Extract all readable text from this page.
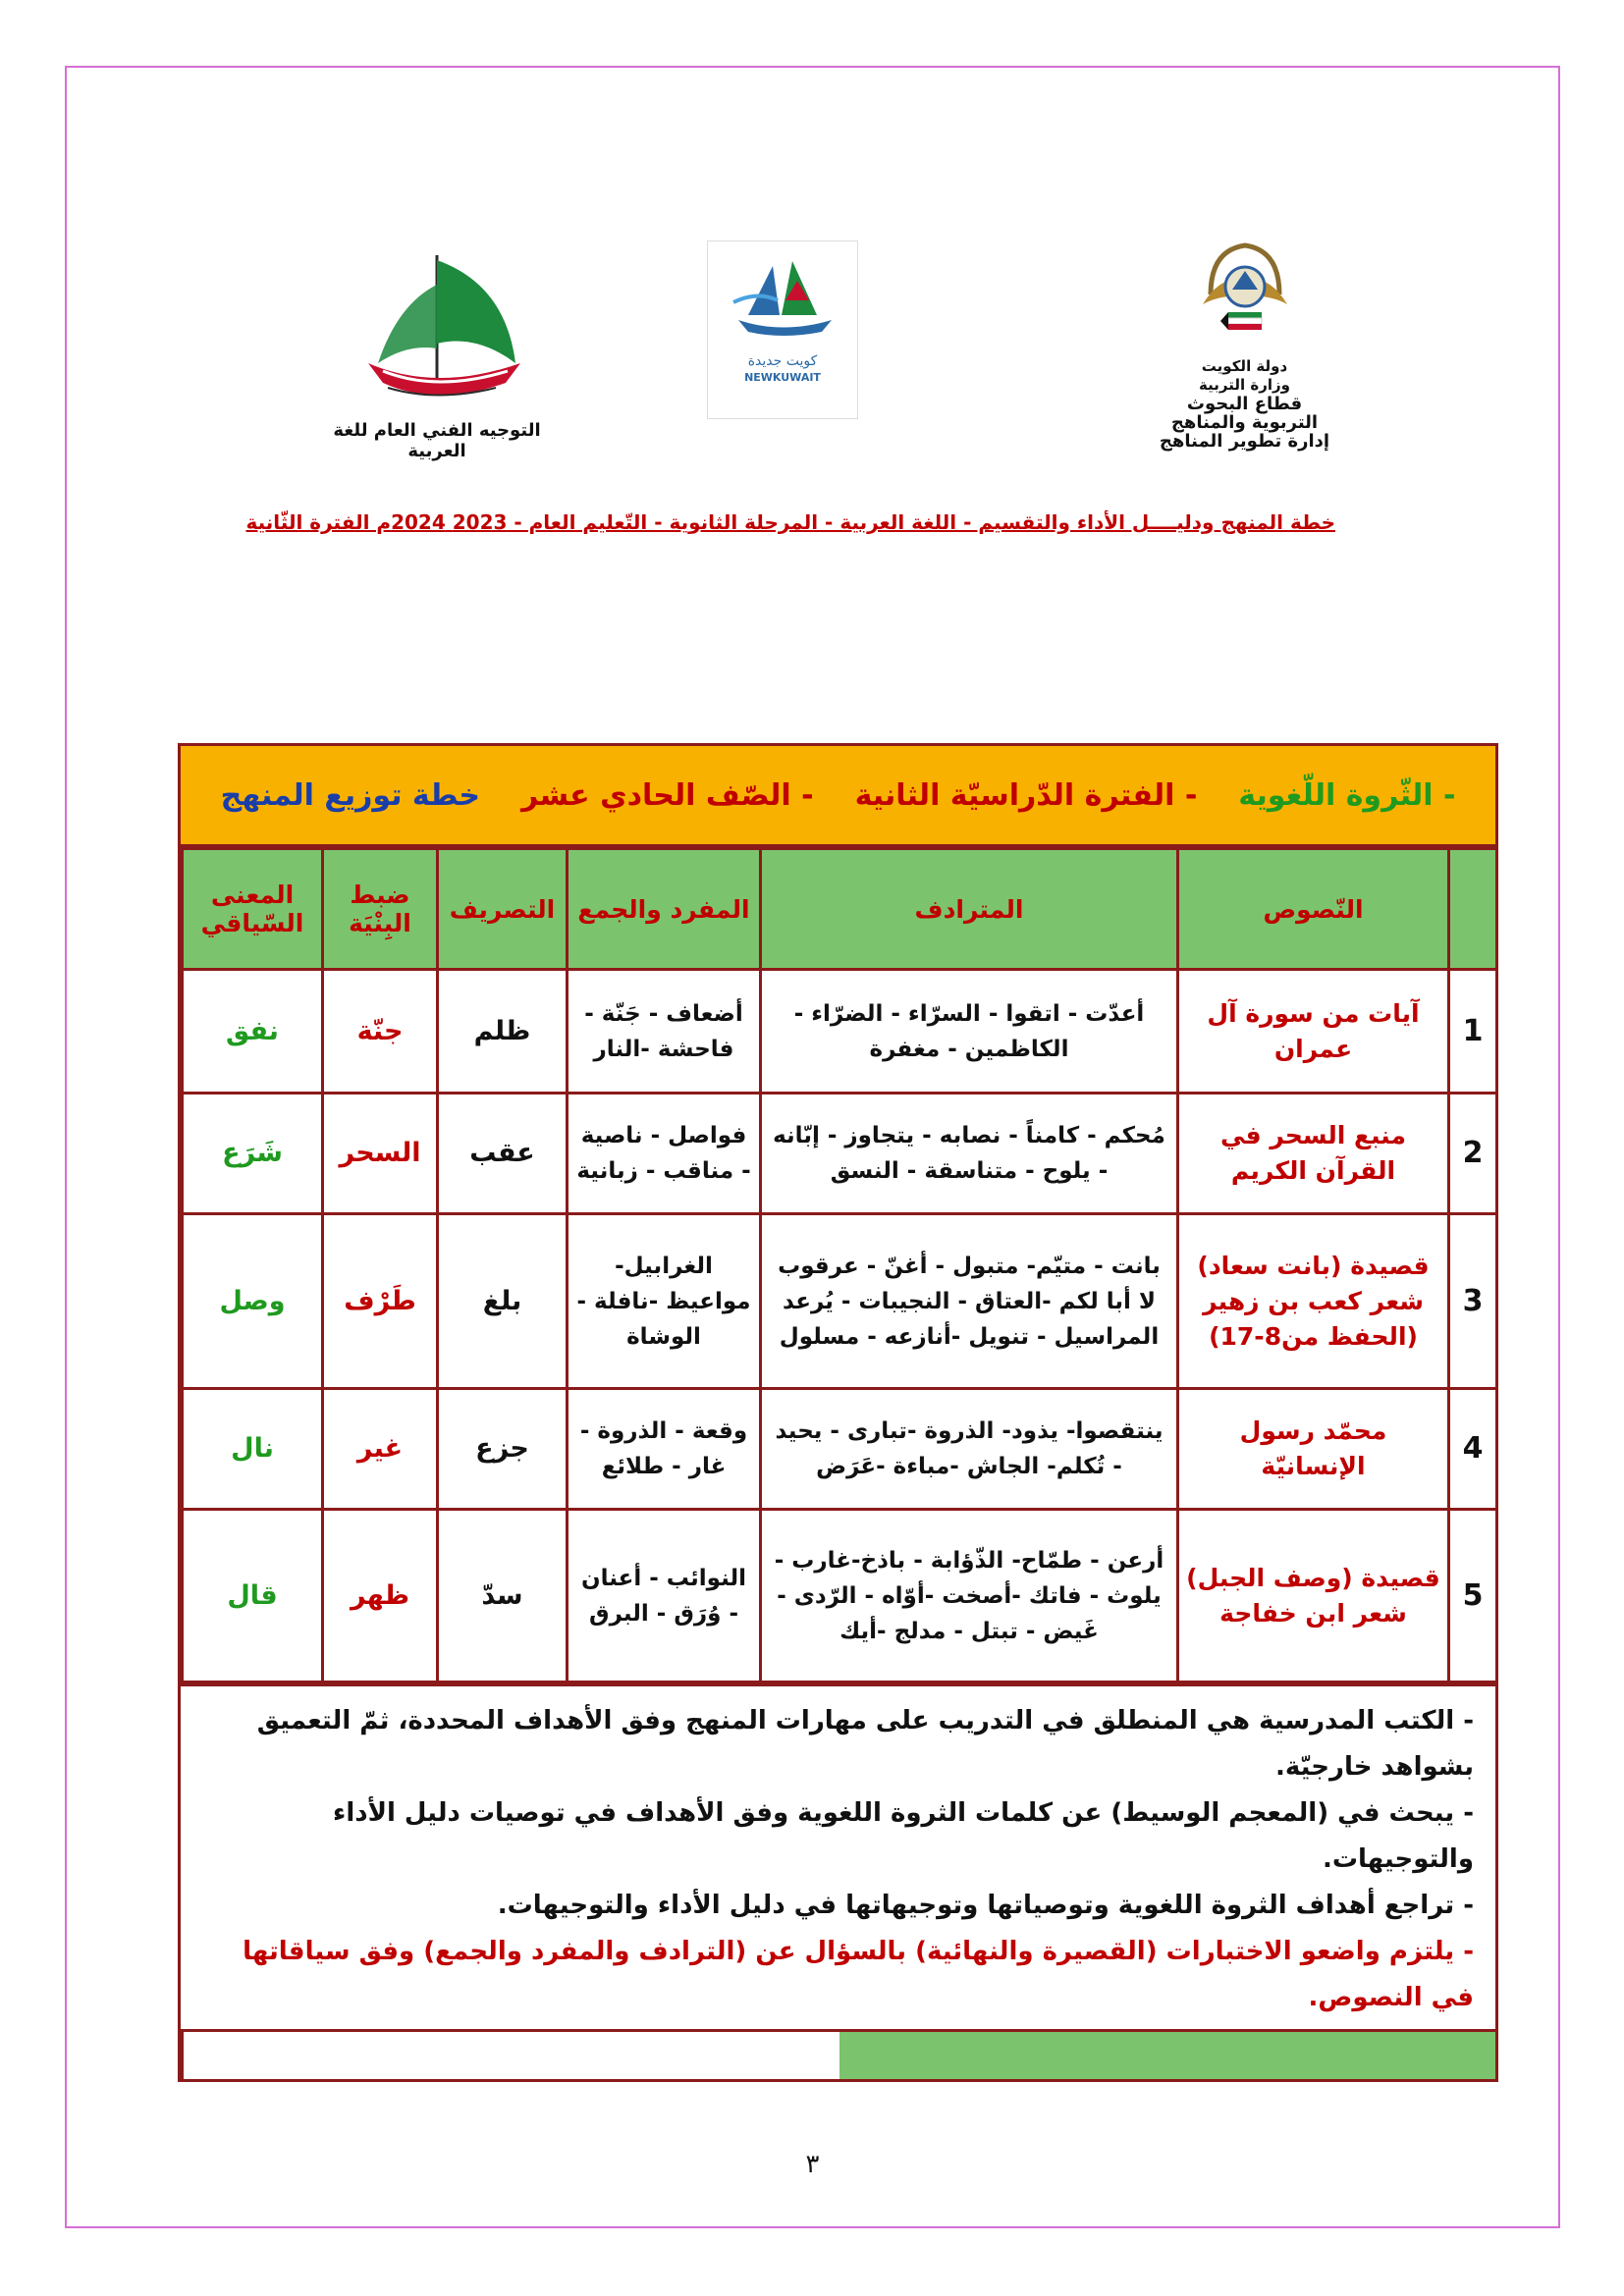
دولة الكويت
وزارة التربية
قطاع البحوث التربوية والمناهج
إدارة تطوير المناهج
كويت جديدة
NEWKUWAIT
التوجيه الفني العام للغة العربية
خطة المنهج ودليــــل الأداء والتقسيم - اللغة العربية - المرحلة الثانوية - التّعليم العام - 2023 2024م الفترة الثّانية
خطة توزيع المنهج - الصّف الحادي عشر - الفترة الدّراسيّة الثانية - الثّروة اللّغوية
	النّصوص	المترادف	المفرد والجمع	التصريف	ضبط البِنْيَة	المعنى السّياقي
1	آيات من سورة آل عمران	أعدّت - اتقوا - السرّاء - الضرّاء - الكاظمين - مغفرة	أضعاف - جَنّة - فاحشة -النار	ظلم	جنّة	نفق
2	منبع السحر في القرآن الكريم	مُحكم - كامناً - نصابه - يتجاوز - إبّانه - يلوح - متناسقة - النسق	فواصل - ناصية - مناقب - زبانية	عقب	السحر	شَرَع
3	قصيدة (بانت سعاد) شعر كعب بن زهير (الحفظ من8-17)	بانت - متيّم- متبول - أغنّ - عرقوب لا أبا لكم -العتاق - النجيبات - يُرعد المراسيل - تنويل -أنازعه - مسلول	الغرابيل-مواعيظ -نافلة - الوشاة	بلغ	طَرْف	وصل
4	محمّد رسول الإنسانيّة	ينتقصوا- يذود- الذروة -تبارى - يحيد - تُكلم- الجاش -مباءة -عَرَض	وقعة - الذروة - غار - طلائع	جزع	غير	نال
5	قصيدة (وصف الجبل) شعر ابن خفاجة	أرعن - طمّاح- الذّؤابة - باذخ-غارب - يلوث - فاتك -أصخت -أوّاه - الرّدى - غَيض - تبتل - مدلج -أيك	النوائب - أعنان - وُرَق - البرق	سدّ	ظهر	قال
- الكتب المدرسية هي المنطلق في التدريب على مهارات المنهج وفق الأهداف المحددة، ثمّ التعميق بشواهد خارجيّة.
- يبحث في (المعجم الوسيط) عن كلمات الثروة اللغوية وفق الأهداف في توصيات دليل الأداء والتوجيهات.
- تراجع أهداف الثروة اللغوية وتوصياتها وتوجيهاتها في دليل الأداء والتوجيهات.
- يلتزم واضعو الاختبارات (القصيرة والنهائية) بالسؤال عن (الترادف والمفرد والجمع) وفق سياقاتها في النصوص.
٣
